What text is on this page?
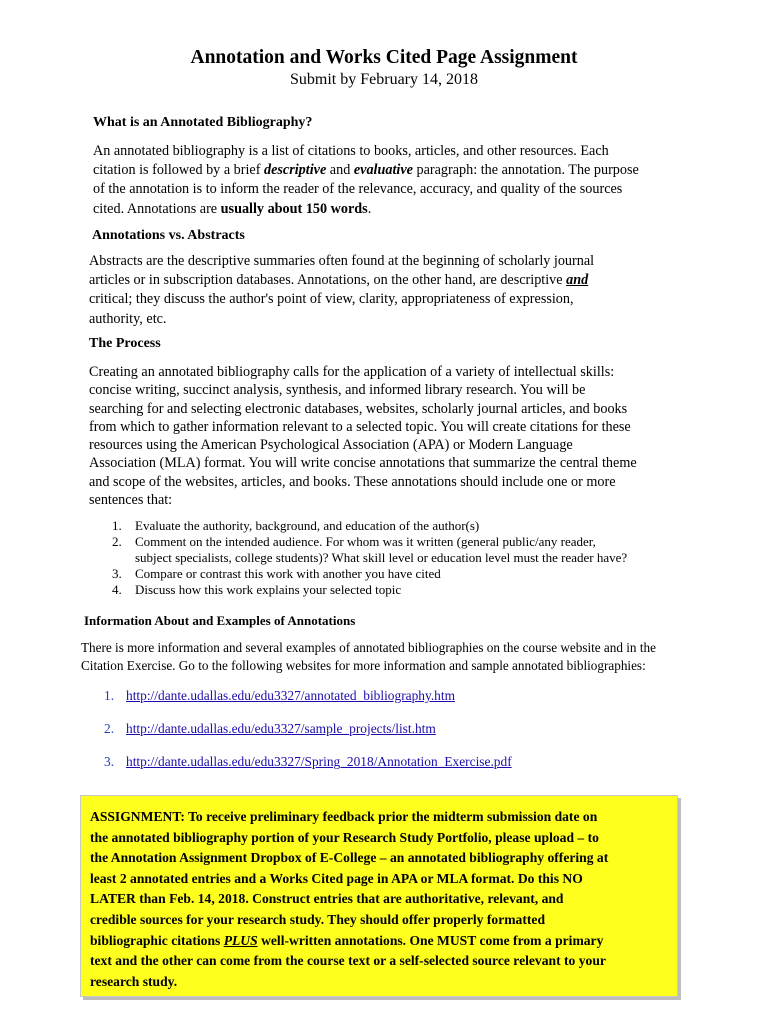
Annotation and Works Cited Page Assignment
Submit by February 14, 2018
What is an Annotated Bibliography?
An annotated bibliography is a list of citations to books, articles, and other resources. Each
citation is followed by a brief descriptive and evaluative paragraph: the annotation. The purpose
of the annotation is to inform the reader of the relevance, accuracy, and quality of the sources
cited. Annotations are usually about 150 words.
Annotations vs. Abstracts
Abstracts are the descriptive summaries often found at the beginning of scholarly journal
articles or in subscription databases. Annotations, on the other hand, are descriptive and
critical; they discuss the author's point of view, clarity, appropriateness of expression,
authority, etc.
The Process
Creating an annotated bibliography calls for the application of a variety of intellectual skills:
concise writing, succinct analysis, synthesis, and informed library research. You will be
searching for and selecting electronic databases, websites, scholarly journal articles, and books
from which to gather information relevant to a selected topic. You will create citations for these
resources using the American Psychological Association (APA) or Modern Language
Association (MLA) format. You will write concise annotations that summarize the central theme
and scope of the websites, articles, and books. These annotations should include one or more
sentences that:
1. Evaluate the authority, background, and education of the author(s)
2. Comment on the intended audience. For whom was it written (general public/any reader,
subject specialists, college students)? What skill level or education level must the reader have?
3. Compare or contrast this work with another you have cited
4. Discuss how this work explains your selected topic
Information About and Examples of Annotations
There is more information and several examples of annotated bibliographies on the course website and in the
Citation Exercise. Go to the following websites for more information and sample annotated bibliographies:
1. http://dante.udallas.edu/edu3327/annotated_bibliography.htm
2. http://dante.udallas.edu/edu3327/sample_projects/list.htm
3. http://dante.udallas.edu/edu3327/Spring_2018/Annotation_Exercise.pdf
ASSIGNMENT: To receive preliminary feedback prior the midterm submission date on
the annotated bibliography portion of your Research Study Portfolio, please upload – to
the Annotation Assignment Dropbox of E-College – an annotated bibliography offering at
least 2 annotated entries and a Works Cited page in APA or MLA format. Do this NO
LATER than Feb. 14, 2018. Construct entries that are authoritative, relevant, and
credible sources for your research study. They should offer properly formatted
bibliographic citations PLUS well-written annotations. One MUST come from a primary
text and the other can come from the course text or a self-selected source relevant to your
research study.
